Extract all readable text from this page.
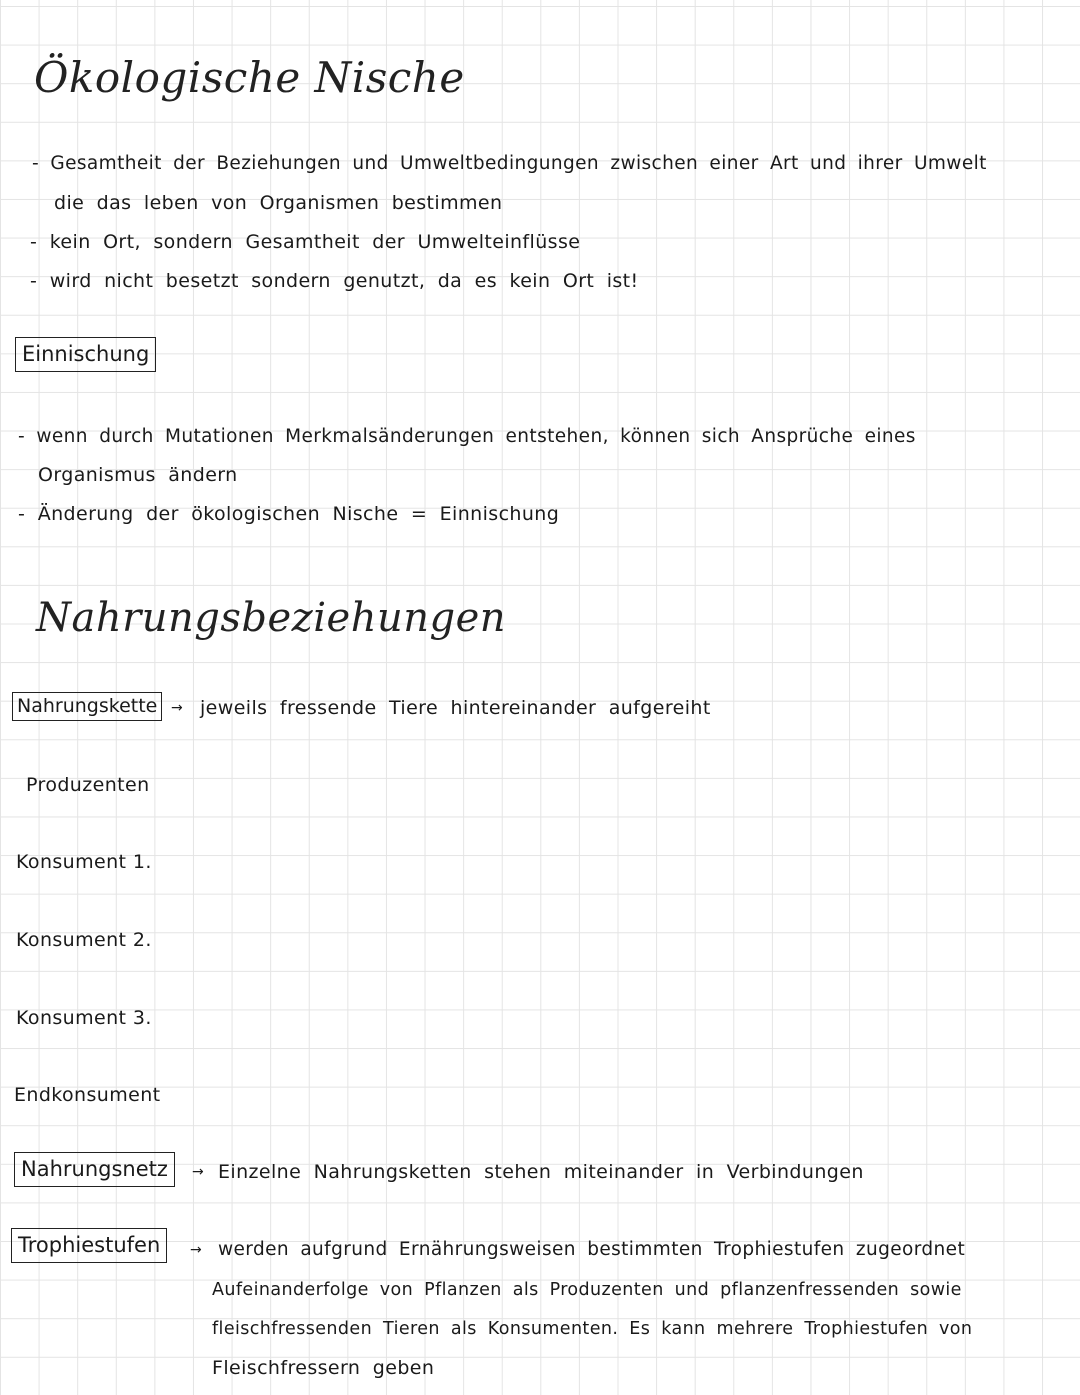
Ökologische Nische
- Gesamtheit der Beziehungen und Umweltbedingungen zwischen einer Art und ihrer Umwelt
die das leben von Organismen bestimmen
- kein Ort, sondern Gesamtheit der Umwelteinflüsse
- wird nicht besetzt sondern genutzt, da es kein Ort ist!
Einnischung
- wenn durch Mutationen Merkmalsänderungen entstehen, können sich Ansprüche eines
Organismus ändern
- Änderung der ökologischen Nische = Einnischung
Nahrungsbeziehungen
Nahrungskette → jeweils fressende Tiere hintereinander aufgereiht
Produzenten
Konsument 1.
Konsument 2.
Konsument 3.
Endkonsument
Nahrungsnetz	→ Einzelne Nahrungsketten stehen miteinander in Verbindungen
Trophiestufen	→ werden aufgrund Ernährungsweisen bestimmten Trophiestufen zugeordnet
Aufeinanderfolge von Pflanzen als Produzenten und pflanzenfressenden sowie
fleischfressenden Tieren als Konsumenten. Es kann mehrere Trophiestufen von
Fleischfressern geben
